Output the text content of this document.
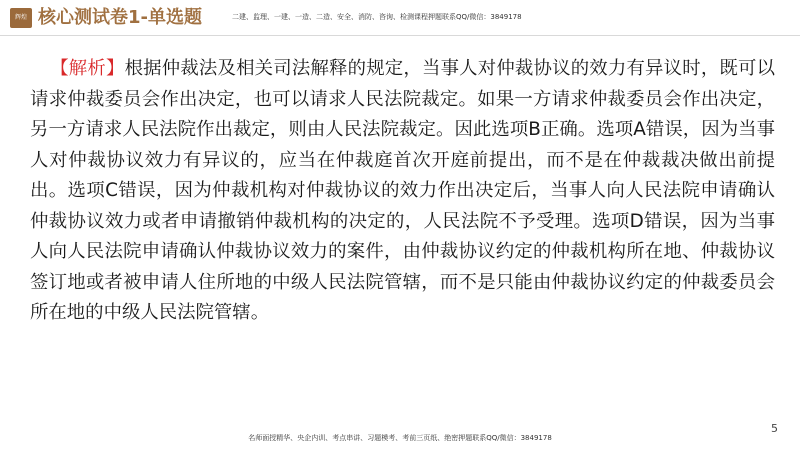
辉煌 核心测试卷1-单选题	二建、监理、一建、一造、二造、安全、消防、咨询、检测课程押题联系QQ/微信：3849178

【解析】根据仲裁法及相关司法解释的规定，当事人对仲裁协议的效力有异议时，既可以请求仲裁委员会作出决定，也可以请求人民法院裁定。如果一方请求仲裁委员会作出决定，另一方请求人民法院作出裁定，则由人民法院裁定。因此选项B正确。选项A错误，因为当事人对仲裁协议效力有异议的，应当在仲裁庭首次开庭前提出，而不是在仲裁裁决做出前提出。选项C错误，因为仲裁机构对仲裁协议的效力作出决定后，当事人向人民法院申请确认仲裁协议效力或者申请撤销仲裁机构的决定的，人民法院不予受理。选项D错误，因为当事人向人民法院申请确认仲裁协议效力的案件，由仲裁协议约定的仲裁机构所在地、仲裁协议签订地或者被申请人住所地的中级人民法院管辖，而不是只能由仲裁协议约定的仲裁委员会所在地的中级人民法院管辖。

5
名师面授精华、央企内训、考点串讲、习题模考、考前三页纸、绝密押题联系QQ/微信：3849178
